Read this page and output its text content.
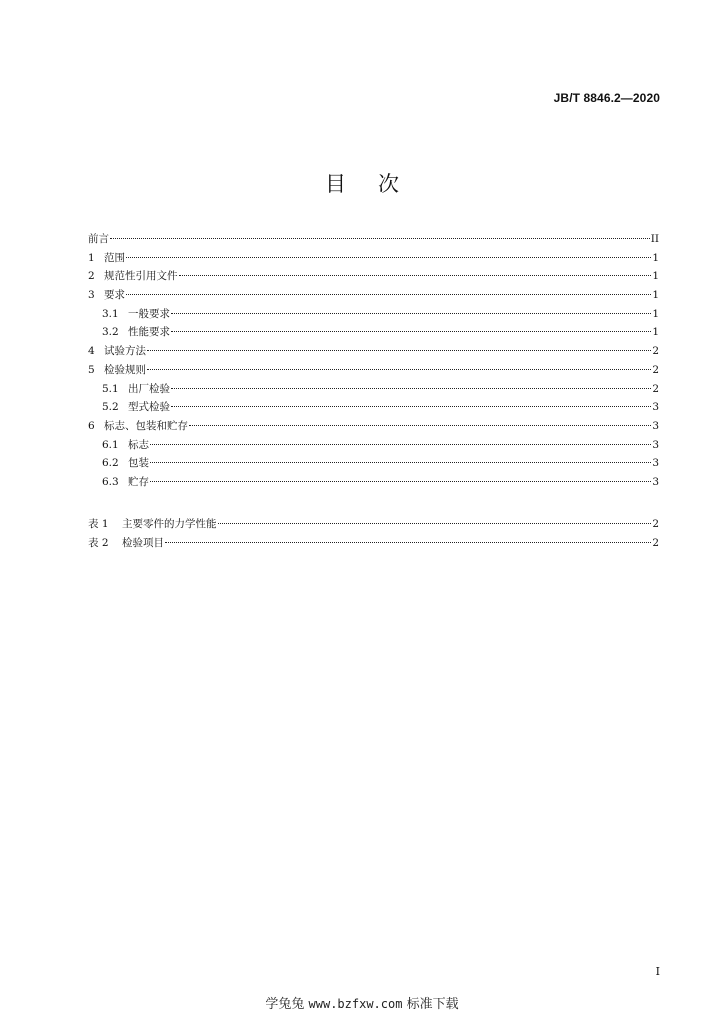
JB/T 8846.2—2020
目 次
前言	II
1 范围	1
2 规范性引用文件	1
3 要求	1
3.1 一般要求	1
3.2 性能要求	1
4 试验方法	2
5 检验规则	2
5.1 出厂检验	2
5.2 型式检验	3
6 标志、包装和贮存	3
6.1 标志	3
6.2 包装	3
6.3 贮存	3
表 1	主要零件的力学性能	2
表 2	检验项目	2
I
学兔兔 www.bzfxw.com 标准下载
